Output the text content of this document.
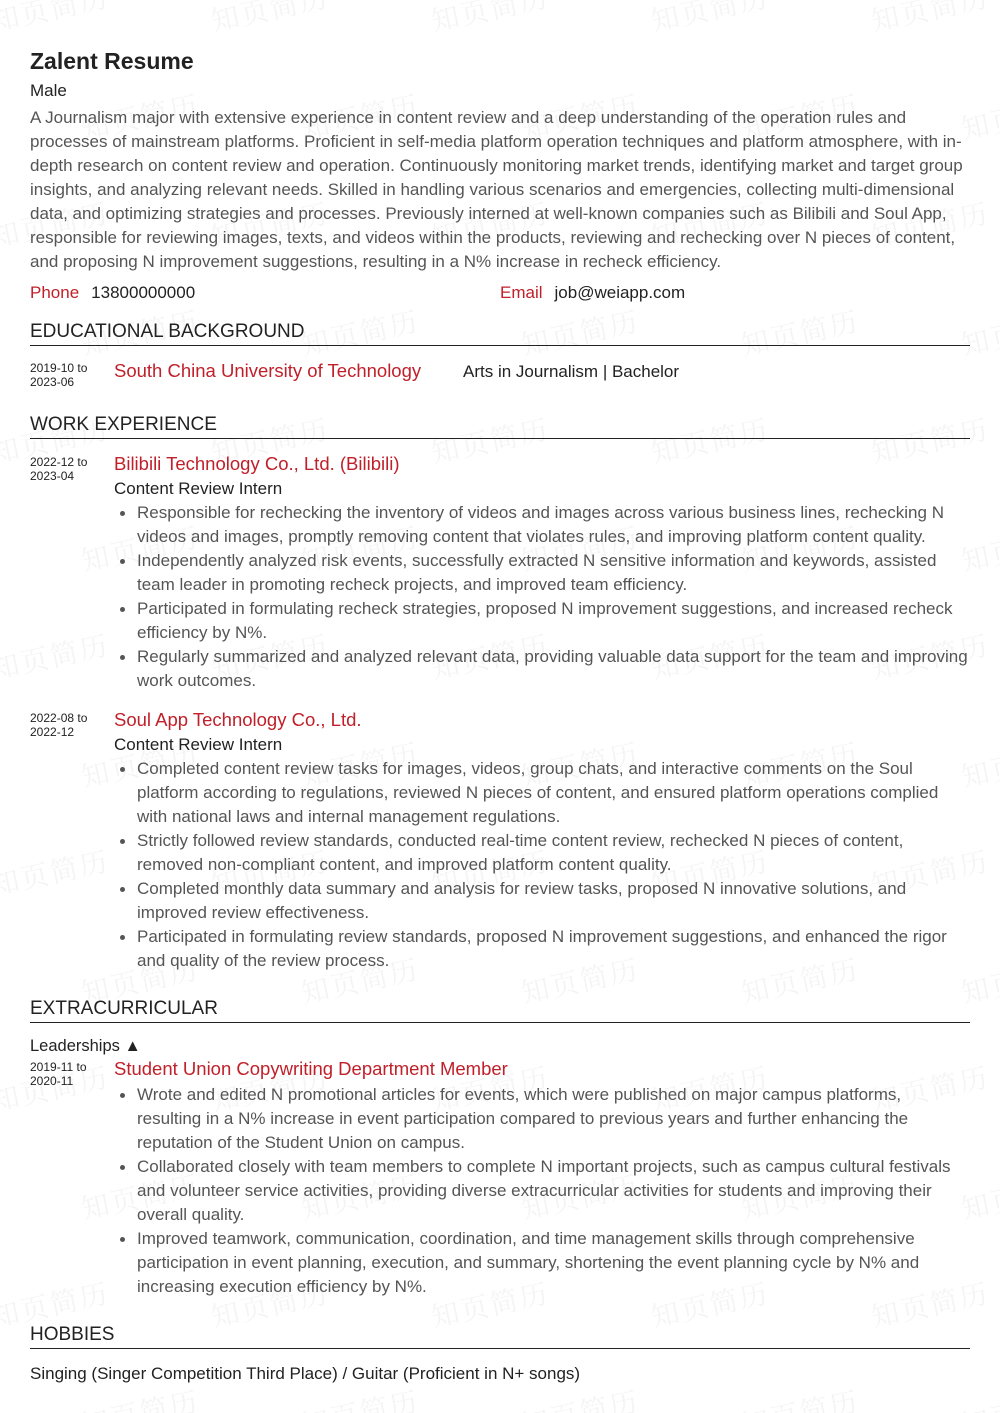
Zalent Resume
Male
A Journalism major with extensive experience in content review and a deep understanding of the operation rules and processes of mainstream platforms. Proficient in self-media platform operation techniques and platform atmosphere, with in-depth research on content review and operation. Continuously monitoring market trends, identifying market and target group insights, and analyzing relevant needs. Skilled in handling various scenarios and emergencies, collecting multi-dimensional data, and optimizing strategies and processes. Previously interned at well-known companies such as Bilibili and Soul App, responsible for reviewing images, texts, and videos within the products, reviewing and rechecking over N pieces of content, and proposing N improvement suggestions, resulting in a N% increase in recheck efficiency.
Phone 13800000000	Email job@weiapp.com
EDUCATIONAL BACKGROUND
2019-10 to
2023-06
South China University of Technology	Arts in Journalism | Bachelor
WORK EXPERIENCE
2022-12 to
2023-04
Bilibili Technology Co., Ltd. (Bilibili)
Content Review Intern
Responsible for rechecking the inventory of videos and images across various business lines, rechecking N videos and images, promptly removing content that violates rules, and improving platform content quality.
Independently analyzed risk events, successfully extracted N sensitive information and keywords, assisted team leader in promoting recheck projects, and improved team efficiency.
Participated in formulating recheck strategies, proposed N improvement suggestions, and increased recheck efficiency by N%.
Regularly summarized and analyzed relevant data, providing valuable data support for the team and improving work outcomes.
2022-08 to
2022-12
Soul App Technology Co., Ltd.
Content Review Intern
Completed content review tasks for images, videos, group chats, and interactive comments on the Soul platform according to regulations, reviewed N pieces of content, and ensured platform operations complied with national laws and internal management regulations.
Strictly followed review standards, conducted real-time content review, rechecked N pieces of content, removed non-compliant content, and improved platform content quality.
Completed monthly data summary and analysis for review tasks, proposed N innovative solutions, and improved review effectiveness.
Participated in formulating review standards, proposed N improvement suggestions, and enhanced the rigor and quality of the review process.
EXTRACURRICULAR
Leaderships ▲
2019-11 to
2020-11
Student Union Copywriting Department Member
Wrote and edited N promotional articles for events, which were published on major campus platforms, resulting in a N% increase in event participation compared to previous years and further enhancing the reputation of the Student Union on campus.
Collaborated closely with team members to complete N important projects, such as campus cultural festivals and volunteer service activities, providing diverse extracurricular activities for students and improving their overall quality.
Improved teamwork, communication, coordination, and time management skills through comprehensive participation in event planning, execution, and summary, shortening the event planning cycle by N% and increasing execution efficiency by N%.
HOBBIES
Singing (Singer Competition Third Place) / Guitar (Proficient in N+ songs)
